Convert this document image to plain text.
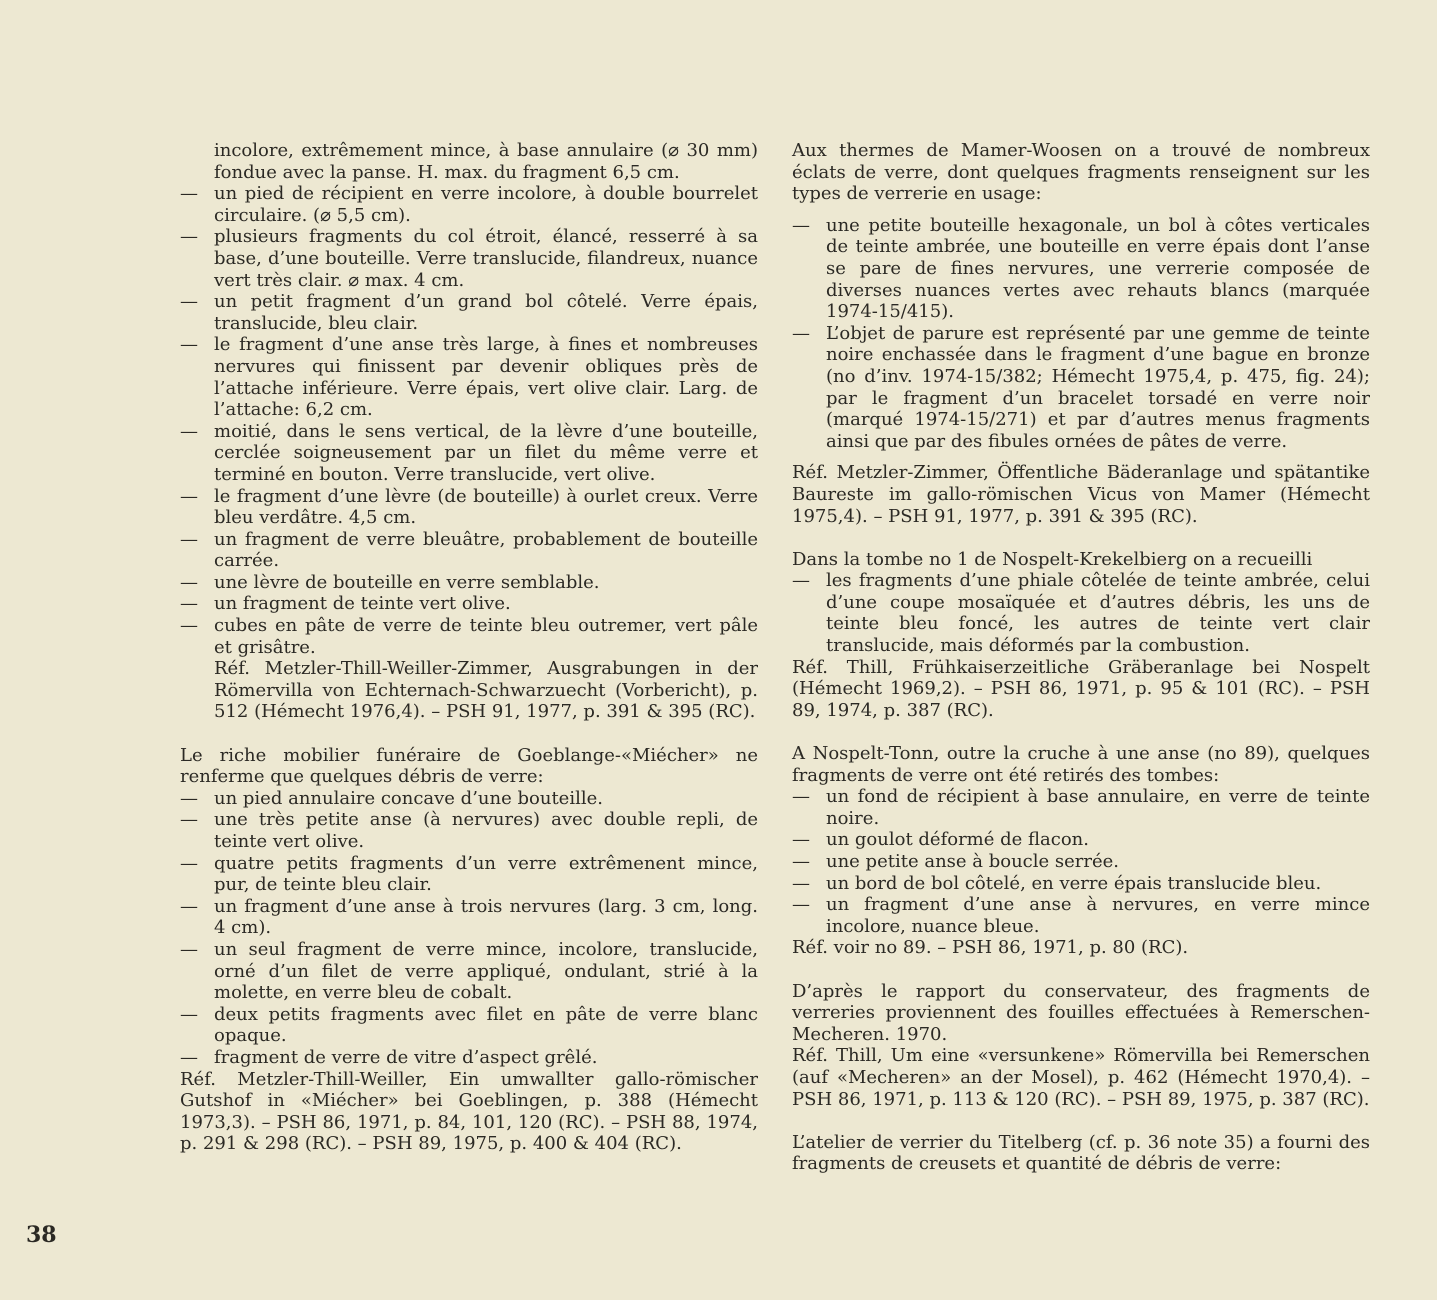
incolore, extrêmement mince, à base annulaire (⌀ 30 mm) fondue avec la panse. H. max. du fragment 6,5 cm.

— un pied de récipient en verre incolore, à double bourrelet circulaire. (⌀ 5,5 cm).

— plusieurs fragments du col étroit, élancé, resserré à sa base, d’une bouteille. Verre translucide, filandreux, nuance vert très clair. ⌀ max. 4 cm.

— un petit fragment d’un grand bol côtelé. Verre épais, translucide, bleu clair.

— le fragment d’une anse très large, à fines et nombreuses nervures qui finissent par devenir obliques près de l’attache inférieure. Verre épais, vert olive clair. Larg. de l’attache: 6,2 cm.

— moitié, dans le sens vertical, de la lèvre d’une bouteille, cerclée soigneusement par un filet du même verre et terminé en bouton. Verre translucide, vert olive.

— le fragment d’une lèvre (de bouteille) à ourlet creux. Verre bleu verdâtre. 4,5 cm.

— un fragment de verre bleuâtre, probablement de bouteille carrée.

— une lèvre de bouteille en verre semblable.

— un fragment de teinte vert olive.

— cubes en pâte de verre de teinte bleu outremer, vert pâle et grisâtre.

Réf. Metzler-Thill-Weiller-Zimmer, Ausgrabungen in der Römervilla von Echternach-Schwarzuecht (Vorbericht), p. 512 (Hémecht 1976,4). – PSH 91, 1977, p. 391 & 395 (RC).

Le riche mobilier funéraire de Goeblange-«Miécher» ne renferme que quelques débris de verre:

— un pied annulaire concave d’une bouteille.

— une très petite anse (à nervures) avec double repli, de teinte vert olive.

— quatre petits fragments d’un verre extrêmenent mince, pur, de teinte bleu clair.

— un fragment d’une anse à trois nervures (larg. 3 cm, long. 4 cm).

— un seul fragment de verre mince, incolore, translucide, orné d’un filet de verre appliqué, ondulant, strié à la molette, en verre bleu de cobalt.

— deux petits fragments avec filet en pâte de verre blanc opaque.

— fragment de verre de vitre d’aspect grêlé.

Réf. Metzler-Thill-Weiller, Ein umwallter gallo-römischer Gutshof in «Miécher» bei Goeblingen, p. 388 (Hémecht 1973,3). – PSH 86, 1971, p. 84, 101, 120 (RC). – PSH 88, 1974, p. 291 & 298 (RC). – PSH 89, 1975, p. 400 & 404 (RC).

Aux thermes de Mamer-Woosen on a trouvé de nombreux éclats de verre, dont quelques fragments renseignent sur les types de verrerie en usage:

— une petite bouteille hexagonale, un bol à côtes verticales de teinte ambrée, une bouteille en verre épais dont l’anse se pare de fines nervures, une verrerie composée de diverses nuances vertes avec rehauts blancs (marquée 1974-15/415).

— L’objet de parure est représenté par une gemme de teinte noire enchassée dans le fragment d’une bague en bronze (no d’inv. 1974-15/382; Hémecht 1975,4, p. 475, fig. 24); par le fragment d’un bracelet torsadé en verre noir (marqué 1974-15/271) et par d’autres menus fragments ainsi que par des fibules ornées de pâtes de verre.

Réf. Metzler-Zimmer, Öffentliche Bäderanlage und spätantike Baureste im gallo-römischen Vicus von Mamer (Hémecht 1975,4). – PSH 91, 1977, p. 391 & 395 (RC).

Dans la tombe no 1 de Nospelt-Krekelbierg on a recueilli

— les fragments d’une phiale côtelée de teinte ambrée, celui d’une coupe mosaïquée et d’autres débris, les uns de teinte bleu foncé, les autres de teinte vert clair translucide, mais déformés par la combustion.

Réf. Thill, Frühkaiserzeitliche Gräberanlage bei Nospelt (Hémecht 1969,2). – PSH 86, 1971, p. 95 & 101 (RC). – PSH 89, 1974, p. 387 (RC).

A Nospelt-Tonn, outre la cruche à une anse (no 89), quelques fragments de verre ont été retirés des tombes:

— un fond de récipient à base annulaire, en verre de teinte noire.

— un goulot déformé de flacon.

— une petite anse à boucle serrée.

— un bord de bol côtelé, en verre épais translucide bleu.

— un fragment d’une anse à nervures, en verre mince incolore, nuance bleue.

Réf. voir no 89. – PSH 86, 1971, p. 80 (RC).

D’après le rapport du conservateur, des fragments de verreries proviennent des fouilles effectuées à Remerschen-Mecheren. 1970.

Réf. Thill, Um eine «versunkene» Römervilla bei Remerschen (auf «Mecheren» an der Mosel), p. 462 (Hémecht 1970,4). – PSH 86, 1971, p. 113 & 120 (RC). – PSH 89, 1975, p. 387 (RC).

L’atelier de verrier du Titelberg (cf. p. 36 note 35) a fourni des fragments de creusets et quantité de débris de verre:

38
